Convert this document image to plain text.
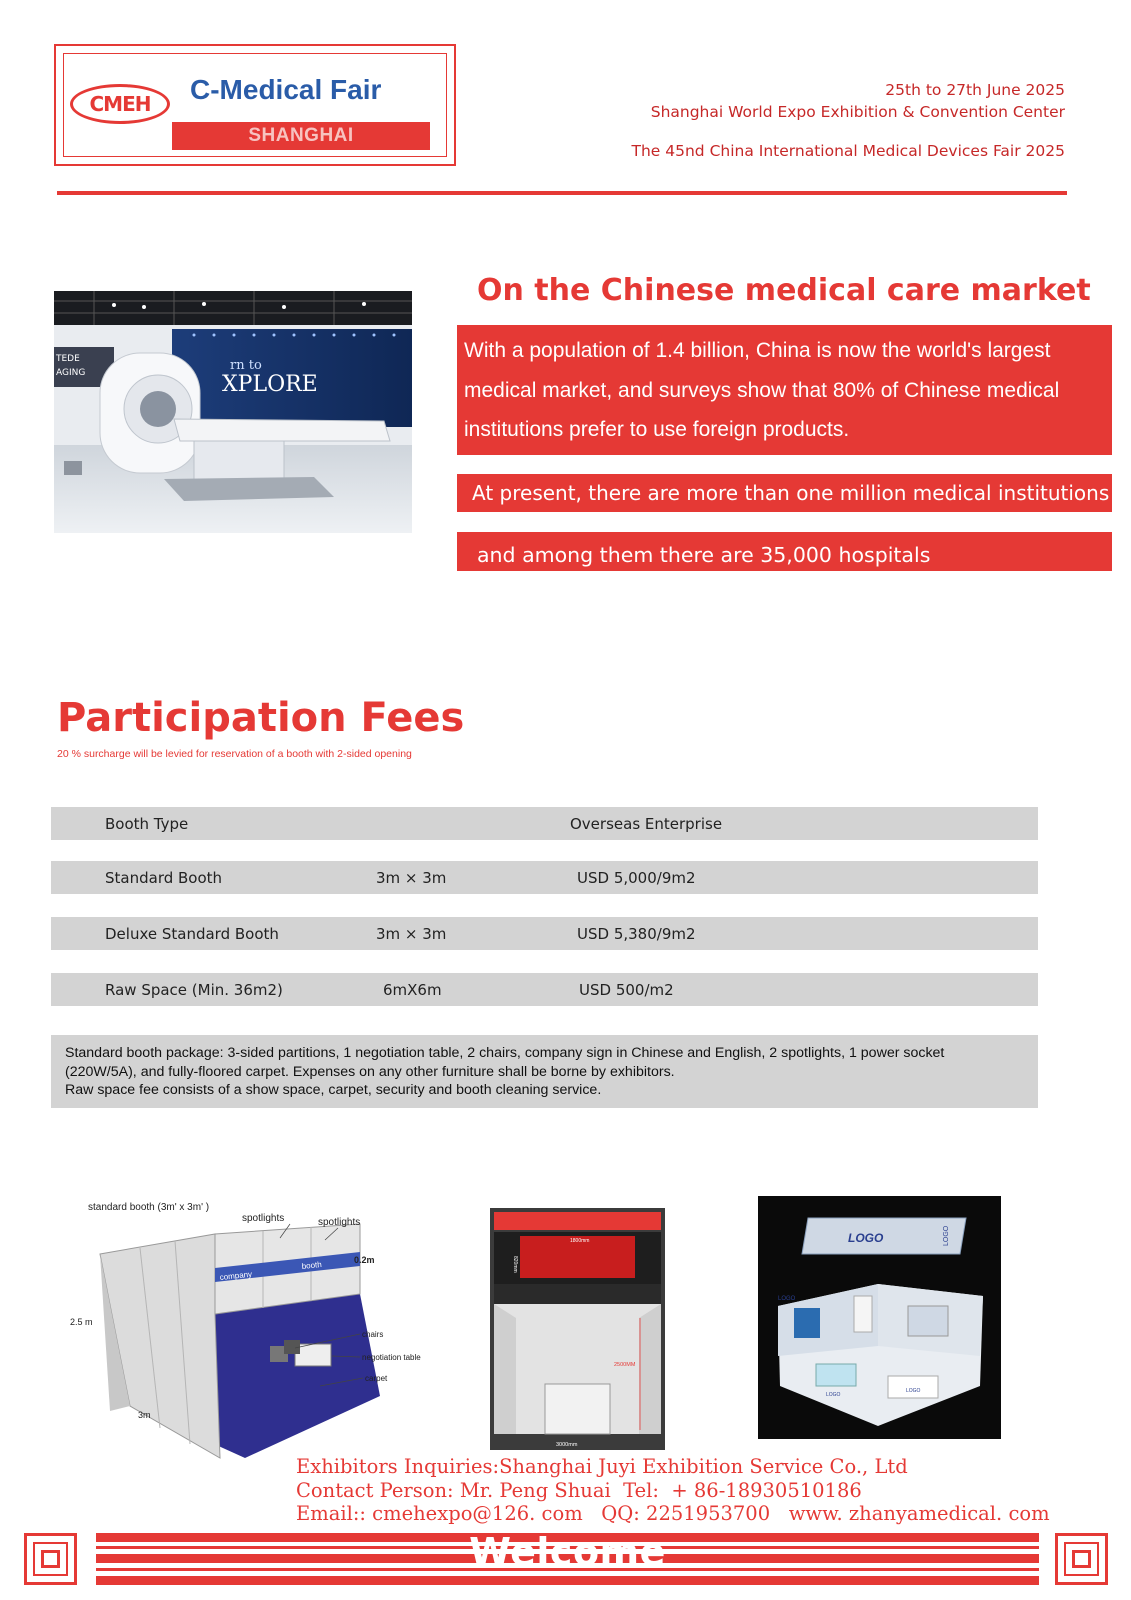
CMEH C-Medical Fair
SHANGHAI
25th to 27th June 2025
Shanghai World Expo Exhibition & Convention Center
The 45nd China International Medical Devices Fair 2025
rn to
XPLORE
TEDE
AGING
On the Chinese medical care market
With a population of 1.4 billion, China is now the world's largest
medical market, and surveys show that 80% of Chinese medical
institutions prefer to use foreign products.
At present, there are more than one million medical institutions
and among them there are 35,000 hospitals
Participation Fees
20 % surcharge will be levied for reservation of a booth with 2-sided opening
Booth Type	Overseas Enterprise
Standard Booth	3m × 3m	USD 5,000/9m2
Deluxe Standard Booth	3m × 3m	USD 5,380/9m2
Raw Space (Min. 36m2)	6mX6m	USD 500/m2
Standard booth package: 3-sided partitions, 1 negotiation table, 2 chairs, company sign in Chinese and English, 2 spotlights, 1 power socket
(220W/5A), and fully-floored carpet. Expenses on any other furniture shall be borne by exhibitors.
Raw space fee consists of a show space, carpet, security and booth cleaning service.
standard booth (3m' x 3m' )
company
booth
spotlights	spotlights
0.2m
2.5 m
3m
chairs
negotiation table
carpet
1800mm
820mm
2500MM
3000mm
LOGO	LOGO
LOGO
LOGO
LOGO
Exhibitors Inquiries:Shanghai Juyi Exhibition Service Co., Ltd
Contact Person: Mr. Peng Shuai  Tel:  + 86-18930510186
Email:: cmehexpo@126. com   QQ: 2251953700   www. zhanyamedical. com
Welcome
